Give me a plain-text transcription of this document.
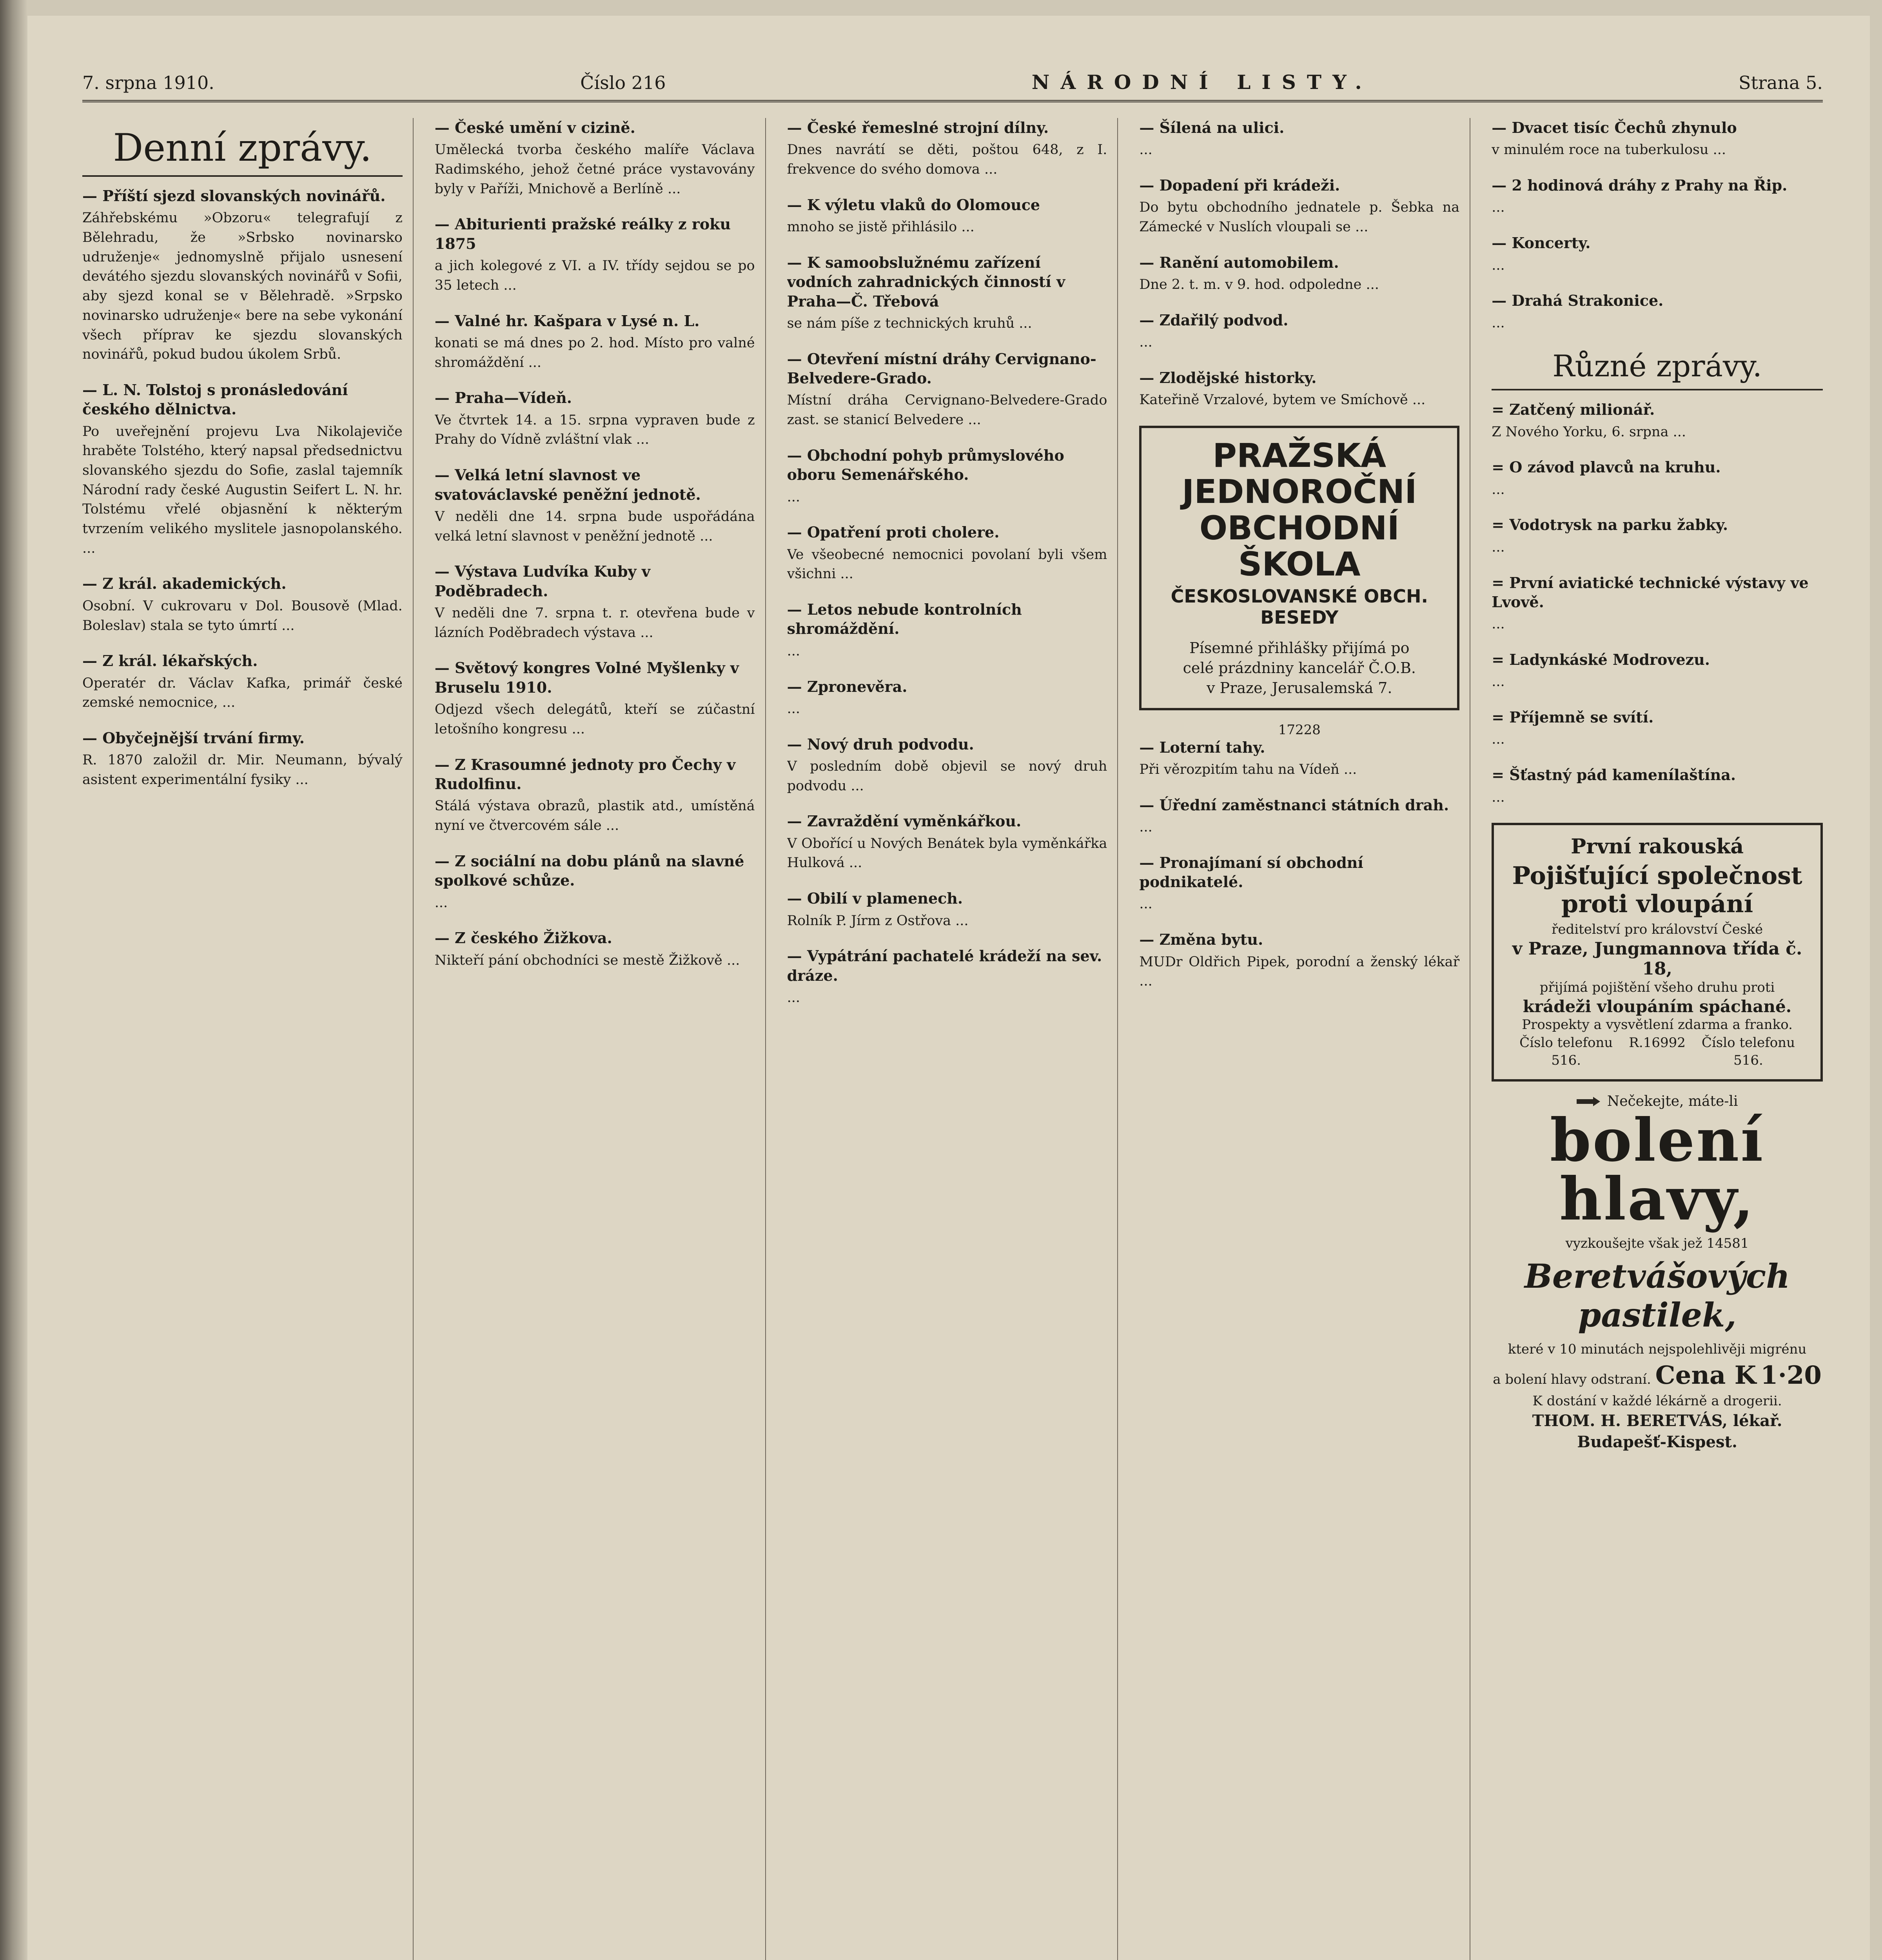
7. srpna 1910.	Číslo 216	NÁRODNÍ LISTY.	Strana 5.
Denní zprávy.
— Příští sjezd slovanských novinářů.

Záhřebskému »Obzoru« telegrafují z Bělehradu, že »Srbsko novinarsko udruženje« jednomyslně přijalo usnesení devátého sjezdu slovanských novinářů v Sofii, aby sjezd konal se v Bělehradě. »Srpsko novinarsko udruženje« bere na sebe vykonání všech příprav ke sjezdu slovanských novinářů, pokud budou úkolem Srbů.

— L. N. Tolstoj s pronásledování českého dělnictva.

Po uveřejnění projevu Lva Nikolajeviče hraběte Tolstého, který napsal předsednictvu slovanského sjezdu do Sofie, zaslal tajemník Národní rady české Augustin Seifert L. N. hr. Tolstému vřelé objasnění k některým tvrzením velikého myslitele jasnopolanského. ...

— Z král. akademických.

Osobní. V cukrovaru v Dol. Bousově (Mlad. Boleslav) stala se tyto úmrtí ...

— Z král. lékařských.

Operatér dr. Václav Kafka, primář české zemské nemocnice, ...

— Obyčejnější trvání firmy.

R. 1870 založil dr. Mir. Neumann, bývalý asistent experimentální fysiky ...

— České umění v cizině.

Umělecká tvorba českého malíře Václava Radimského, jehož četné práce vystavovány byly v Paříži, Mnichově a Berlíně ...

— Abiturienti pražské reálky z roku 1875

a jich kolegové z VI. a IV. třídy sejdou se po 35 letech ...

— Valné hr. Kašpara v Lysé n. L.

konati se má dnes po 2. hod. Místo pro valné shromáždění ...

— Praha—Vídeň.

Ve čtvrtek 14. a 15. srpna vypraven bude z Prahy do Vídně zvláštní vlak ...

— Velká letní slavnost ve svatováclavské peněžní jednotě.

V neděli dne 14. srpna bude uspořádána velká letní slavnost v peněžní jednotě ...

— Výstava Ludvíka Kuby v Poděbradech.

V neděli dne 7. srpna t. r. otevřena bude v lázních Poděbradech výstava ...

— Světový kongres Volné Myšlenky v Bruselu 1910.

Odjezd všech delegátů, kteří se zúčastní letošního kongresu ...

— Z Krasoumné jednoty pro Čechy v Rudolfinu.

Stálá výstava obrazů, plastik atd., umístěná nyní ve čtvercovém sále ...

— Z sociální na dobu plánů na slavné spolkové schůze.

...

— Z českého Žižkova.

Nikteří pání obchodníci se mestě Žižkově ...

— České řemeslné strojní dílny.

Dnes navrátí se děti, poštou 648, z I. frekvence do svého domova ...

— K výletu vlaků do Olomouce

mnoho se jistě přihlásilo ...

— K samoobslužnému zařízení vodních zahradnických činností v Praha—Č. Třebová

se nám píše z technických kruhů ...

— Otevření místní dráhy Cervignano-Belvedere-Grado.

Místní dráha Cervignano-Belvedere-Grado zast. se stanicí Belvedere ...

— Obchodní pohyb průmyslového oboru Semenářského.

...

— Opatření proti cholere.

Ve všeobecné nemocnici povolaní byli všem všichni ...

— Letos nebude kontrolních shromáždění.

...

— Zpronevěra.

...

— Nový druh podvodu.

V posledním době objevil se nový druh podvodu ...

— Zavraždění vyměnkářkou.

V Obořící u Nových Benátek byla vyměnkářka Hulková ...

— Obilí v plamenech.

Rolník P. Jírm z Ostřova ...

— Vypátrání pachatelé krádeží na sev. dráze.

...

— Šílená na ulici.

...

— Dopadení při krádeži.

Do bytu obchodního jednatele p. Šebka na Zámecké v Nuslích vloupali se ...

— Ranění automobilem.

Dne 2. t. m. v 9. hod. odpoledne ...

— Zdařilý podvod.

...

— Zlodějské historky.

Kateřině Vrzalové, bytem ve Smíchově ...

PRAŽSKÁ JEDNOROČNÍ
OBCHODNÍ ŠKOLA
ČESKOSLOVANSKÉ OBCH. BESEDY
Písemné přihlášky přijímá po
celé prázdniny kancelář Č.O.B.
v Praze, Jerusalemská 7.
17228
— Loterní tahy.

Při věrozpitím tahu na Vídeň ...

— Úřední zaměstnanci státních drah.

...

— Pronajímaní sí obchodní podnikatelé.

...

— Změna bytu.

MUDr Oldřich Pipek, porodní a ženský lékař ...

— Dvacet tisíc Čechů zhynulo

v minulém roce na tuberkulosu ...

— 2 hodinová dráhy z Prahy na Řip.

...

— Koncerty.

...

— Drahá Strakonice.

...

Různé zprávy.
= Zatčený milionář.

Z Nového Yorku, 6. srpna ...

= O závod plavců na kruhu.

...

= Vodotrysk na parku žabky.

...

= První aviatické technické výstavy ve Lvově.

...

= Ladynkáské Modrovezu.

...

= Příjemně se svítí.

...

= Šťastný pád kamenílaštína.

...

První rakouská
Pojišťující společnost proti vloupání
ředitelství pro království České
v Praze, Jungmannova třída č. 18,
přijímá pojištění všeho druhu proti
krádeži vloupáním spáchané.
Prospekty a vysvětlení zdarma a franko.
Číslo telefonu 516.
R.16992	Číslo telefonu 516.
Nečekejte, máte-li
bolení hlavy,
vyzkoušejte však jež 14581
Beretvášových pastilek,
které v 10 minutách nejspolehlivěji migrénu
a bolení hlavy odstraní. Cena K 1·20
K dostání v každé lékárně a drogerii.
THOM. H. BERETVÁS, lékař. Budapešť-Kispest.
